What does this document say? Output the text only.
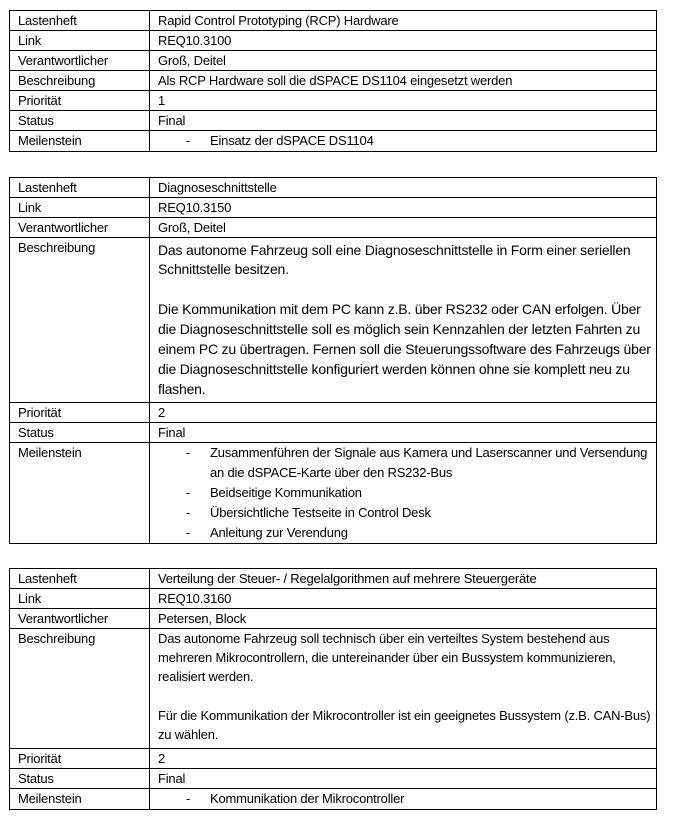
Lastenheft	Rapid Control Prototyping (RCP) Hardware
Link	REQ10.3100
Verantwortlicher	Groß, Deitel
Beschreibung	Als RCP Hardware soll die dSPACE DS1104 eingesetzt werden

Priorität	1
Status	Final
Meilenstein	- Einsatz der dSPACE DS1104
Lastenheft	Diagnoseschnittstelle
Link	REQ10.3150
Verantwortlicher	Groß, Deitel
Beschreibung	Das autonome Fahrzeug soll eine Diagnoseschnittstelle in Form einer seriellen Schnittstelle besitzen.

Die Kommunikation mit dem PC kann z.B. über RS232 oder CAN erfolgen. Über die Diagnoseschnittstelle soll es möglich sein Kennzahlen der letzten Fahrten zu einem PC zu übertragen. Fernen soll die Steuerungssoftware des Fahrzeugs über die Diagnoseschnittstelle konfiguriert werden können ohne sie komplett neu zu flashen.

Priorität	2
Status	Final
Meilenstein	- Zusammenführen der Signale aus Kamera und Laserscanner und Versendung an die dSPACE-Karte über den RS232-Bus
- Beidseitige Kommunikation
- Übersichtliche Testseite in Control Desk
- Anleitung zur Verendung
Lastenheft	Verteilung der Steuer- / Regelalgorithmen auf mehrere Steuergeräte
Link	REQ10.3160
Verantwortlicher	Petersen, Block
Beschreibung	Das autonome Fahrzeug soll technisch über ein verteiltes System bestehend aus mehreren Mikrocontrollern, die untereinander über ein Bussystem kommunizieren, realisiert werden.

Für die Kommunikation der Mikrocontroller ist ein geeignetes Bussystem (z.B. CAN-Bus) zu wählen.

Priorität	2
Status	Final
Meilenstein	- Kommunikation der Mikrocontroller
